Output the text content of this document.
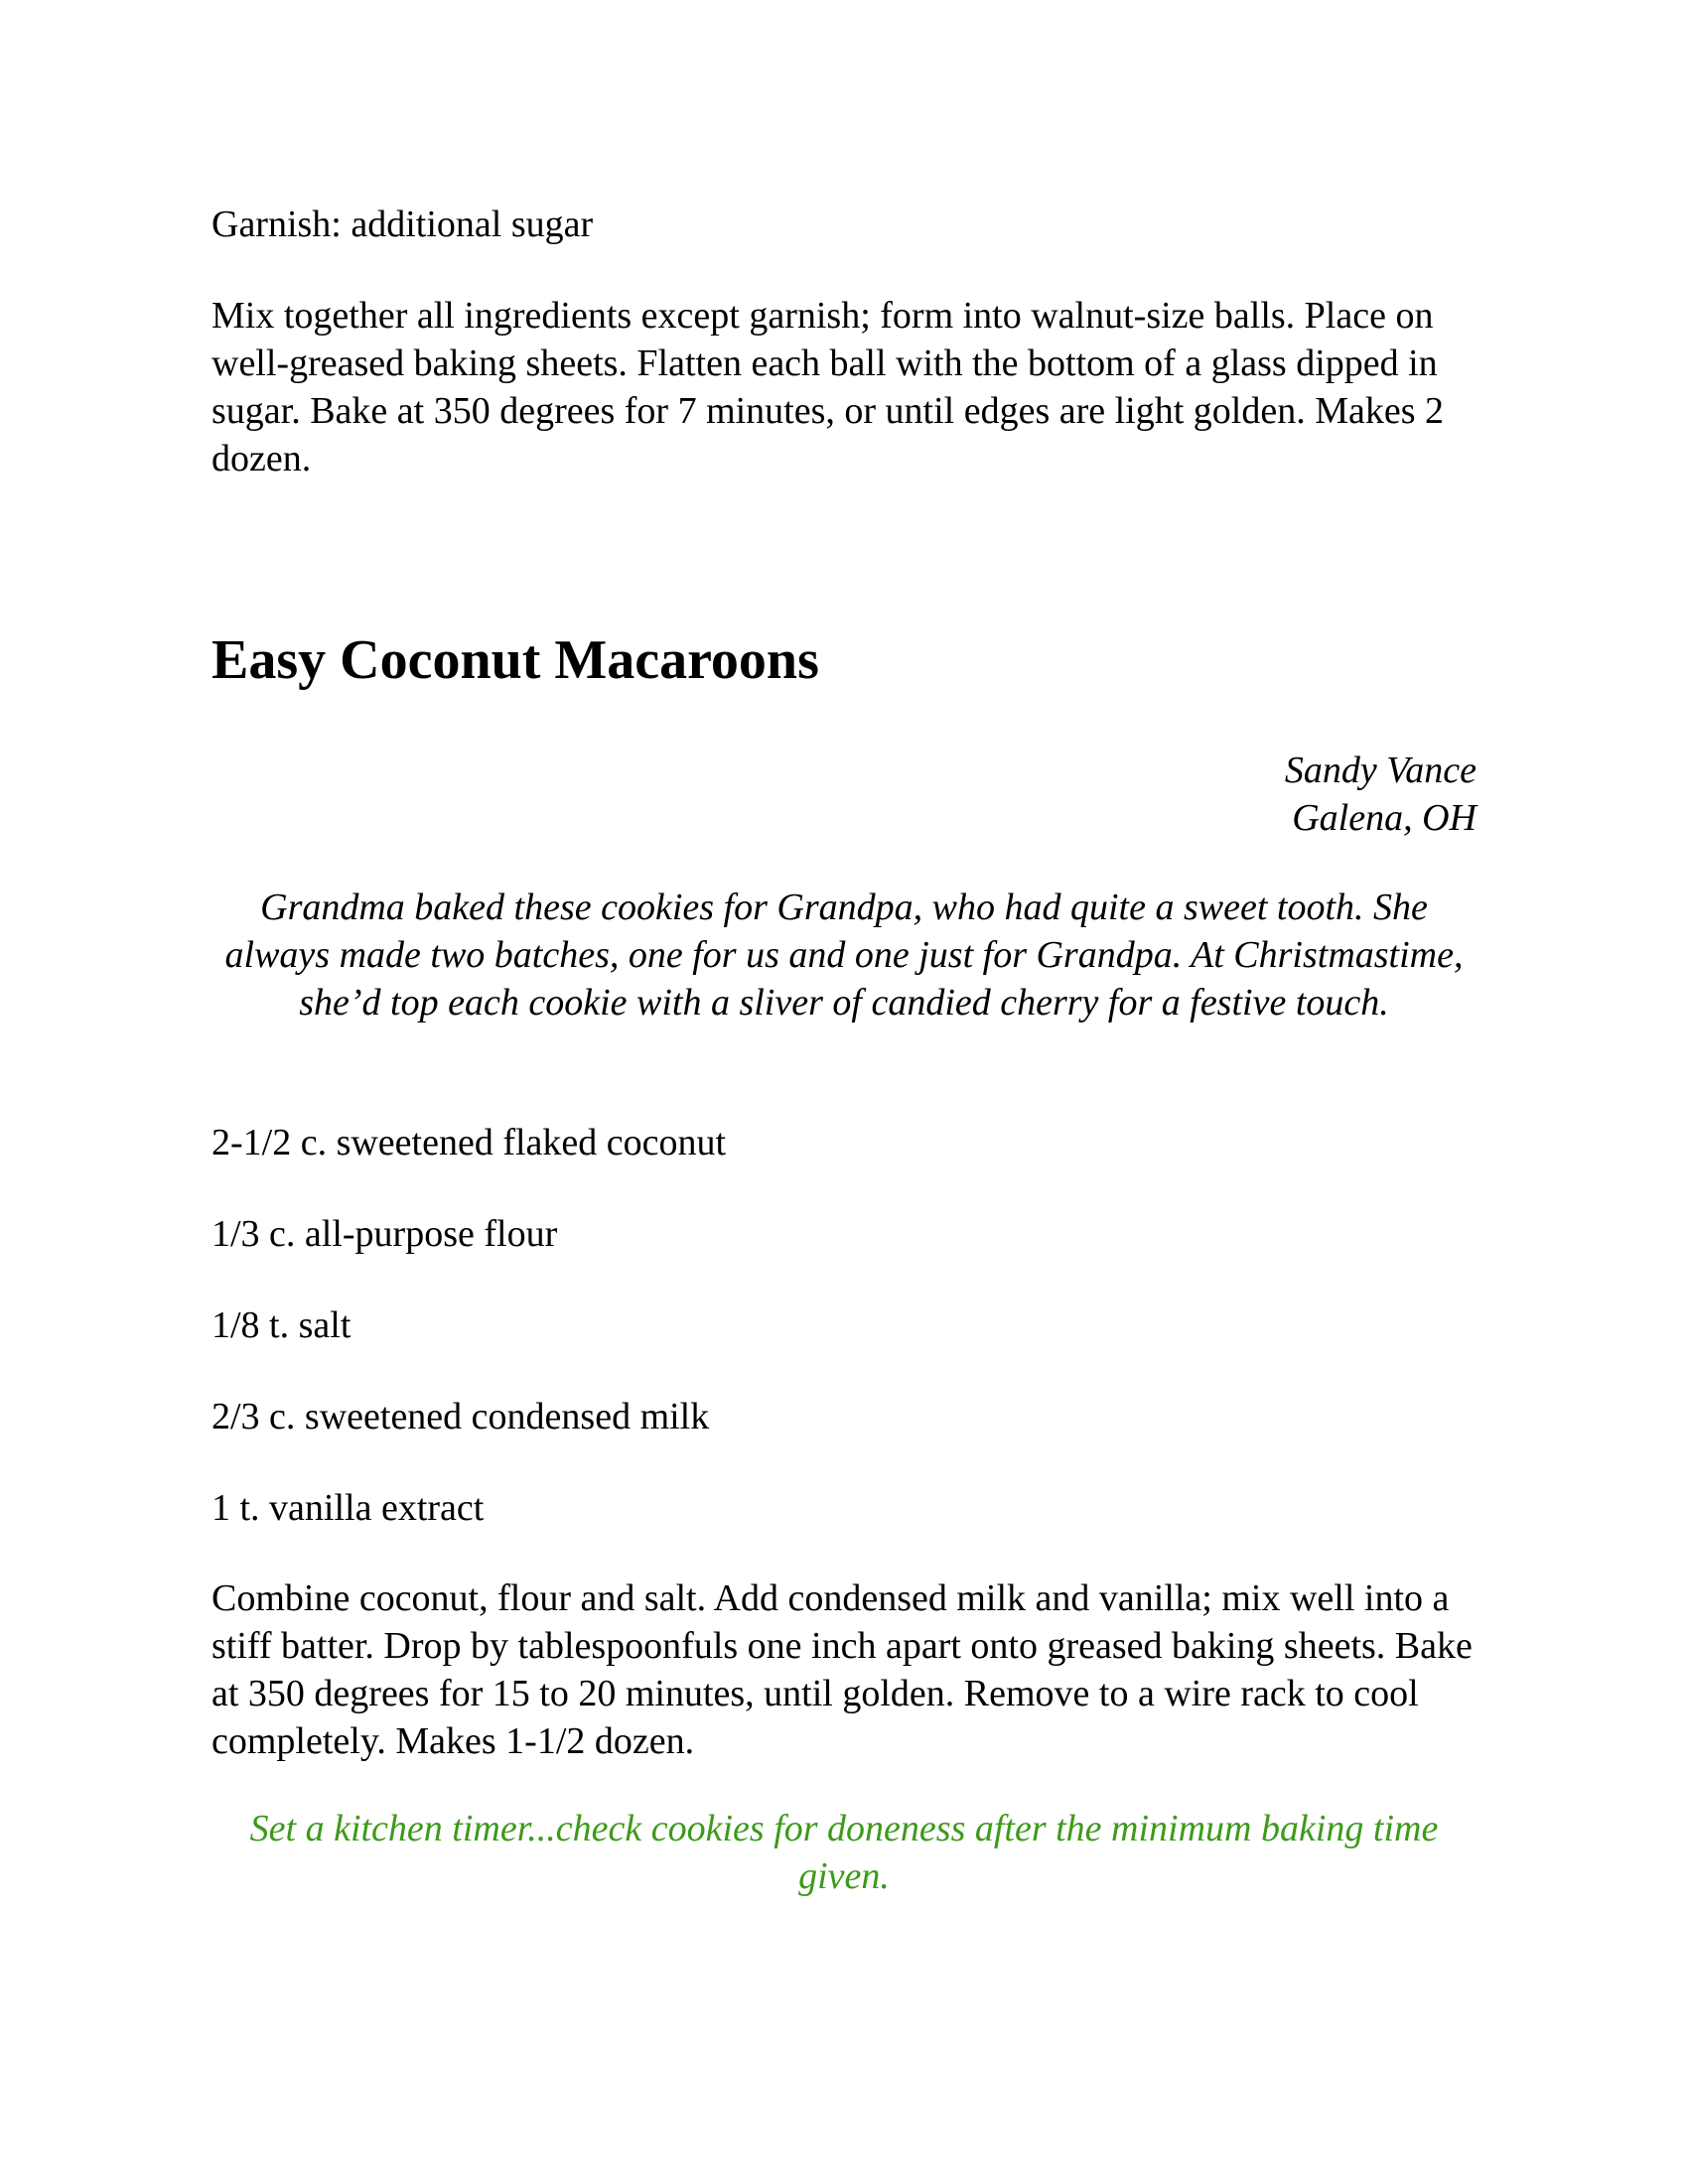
Garnish: additional sugar

Mix together all ingredients except garnish; form into walnut-size balls. Place on well-greased baking sheets. Flatten each ball with the bottom of a glass dipped in sugar. Bake at 350 degrees for 7 minutes, or until edges are light golden. Makes 2 dozen.

Easy Coconut Macaroons
Sandy Vance
Galena, OH

Grandma baked these cookies for Grandpa, who had quite a sweet tooth. She always made two batches, one for us and one just for Grandpa. At Christmastime, she’d top each cookie with a sliver of candied cherry for a festive touch.

2-1/2 c. sweetened flaked coconut
1/3 c. all-purpose flour
1/8 t. salt
2/3 c. sweetened condensed milk
1 t. vanilla extract

Combine coconut, flour and salt. Add condensed milk and vanilla; mix well into a stiff batter. Drop by tablespoonfuls one inch apart onto greased baking sheets. Bake at 350 degrees for 15 to 20 minutes, until golden. Remove to a wire rack to cool completely. Makes 1-1/2 dozen.

Set a kitchen timer...check cookies for doneness after the minimum baking time given.
